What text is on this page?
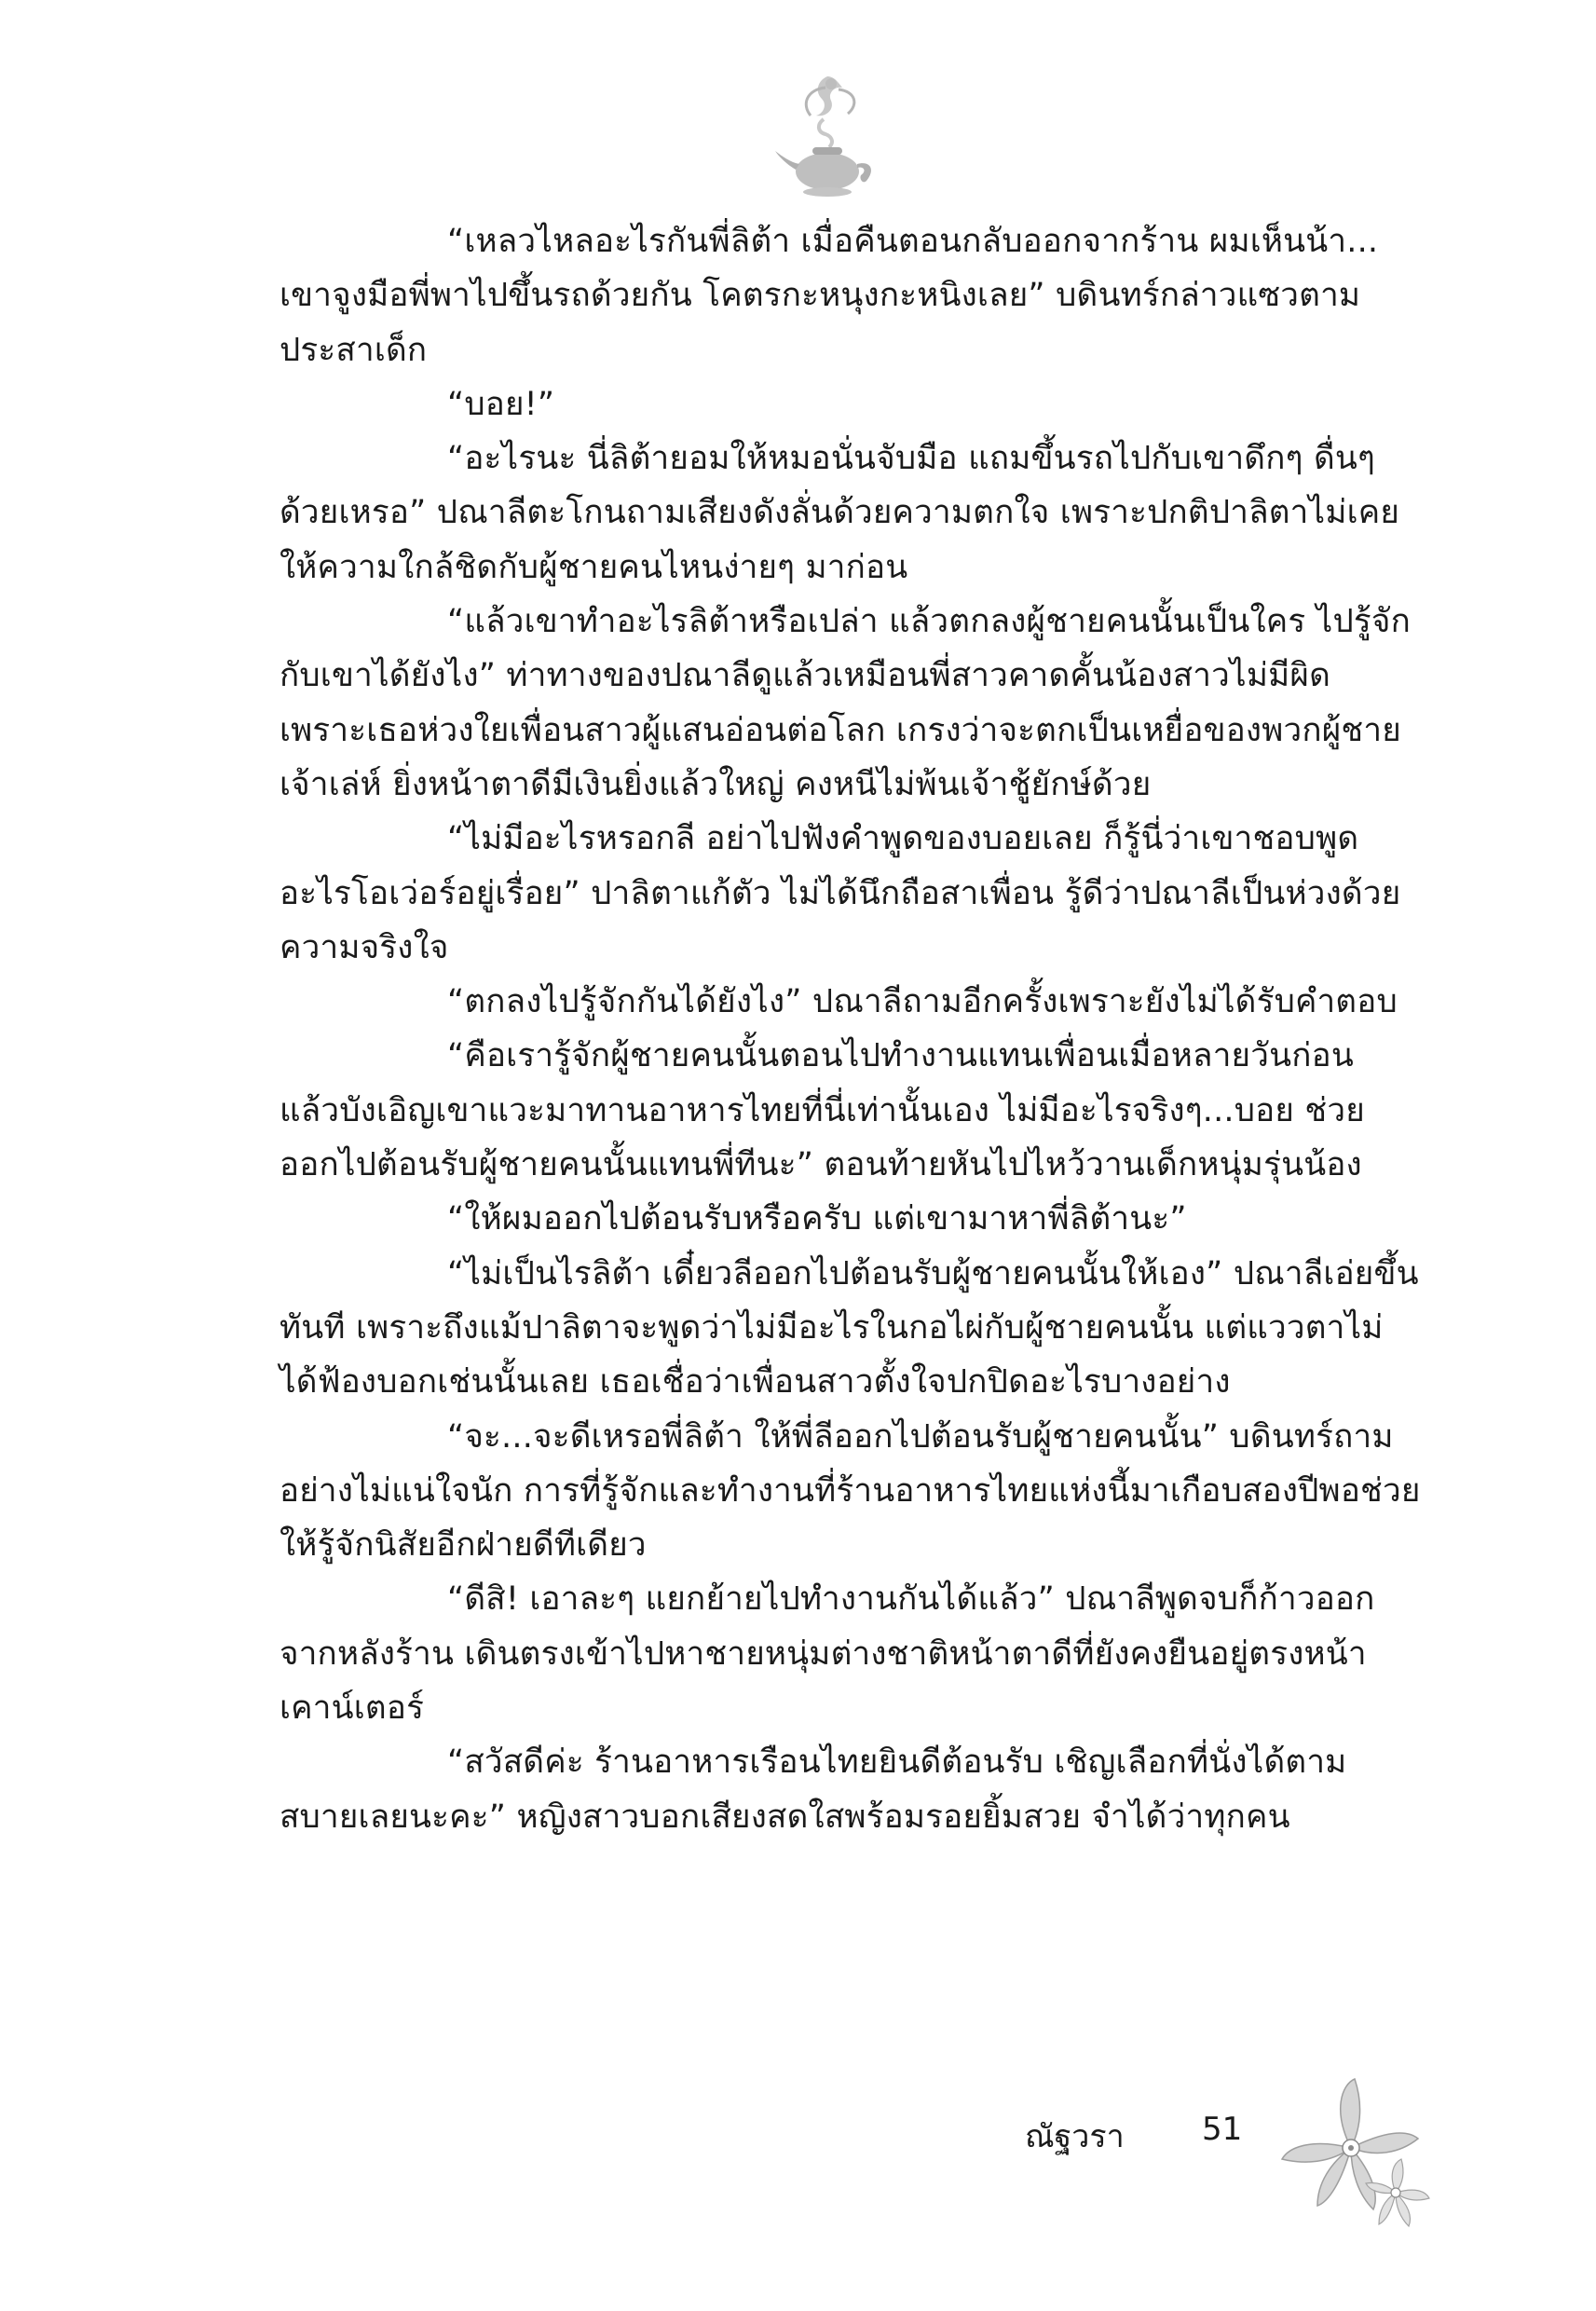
“เหลวไหลอะไรกันพี่ลิต้า เมื่อคืนตอนกลับออกจากร้าน ผมเห็นน้า... เขาจูงมือพี่พาไปขึ้นรถด้วยกัน โคตรกะหนุงกะหนิงเลย” บดินทร์กล่าวแซวตามประสาเด็ก

“บอย!”

“อะไรนะ นี่ลิต้ายอมให้หมอนั่นจับมือ แถมขึ้นรถไปกับเขาดึกๆ ดื่นๆ ด้วยเหรอ” ปณาลีตะโกนถามเสียงดังลั่นด้วยความตกใจ เพราะปกติปาลิตาไม่เคยให้ความใกล้ชิดกับผู้ชายคนไหนง่ายๆ มาก่อน

“แล้วเขาทำอะไรลิต้าหรือเปล่า แล้วตกลงผู้ชายคนนั้นเป็นใคร ไปรู้จักกับเขาได้ยังไง” ท่าทางของปณาลีดูแล้วเหมือนพี่สาวคาดคั้นน้องสาวไม่มีผิด เพราะเธอห่วงใยเพื่อนสาวผู้แสนอ่อนต่อโลก เกรงว่าจะตกเป็นเหยื่อของพวกผู้ชายเจ้าเล่ห์ ยิ่งหน้าตาดีมีเงินยิ่งแล้วใหญ่ คงหนีไม่พ้นเจ้าชู้ยักษ์ด้วย

“ไม่มีอะไรหรอกลี อย่าไปฟังคำพูดของบอยเลย ก็รู้นี่ว่าเขาชอบพูดอะไรโอเว่อร์อยู่เรื่อย” ปาลิตาแก้ตัว ไม่ได้นึกถือสาเพื่อน รู้ดีว่าปณาลีเป็นห่วงด้วยความจริงใจ

“ตกลงไปรู้จักกันได้ยังไง” ปณาลีถามอีกครั้งเพราะยังไม่ได้รับคำตอบ

“คือเรารู้จักผู้ชายคนนั้นตอนไปทำงานแทนเพื่อนเมื่อหลายวันก่อน แล้วบังเอิญเขาแวะมาทานอาหารไทยที่นี่เท่านั้นเอง ไม่มีอะไรจริงๆ...บอย ช่วยออกไปต้อนรับผู้ชายคนนั้นแทนพี่ทีนะ” ตอนท้ายหันไปไหว้วานเด็กหนุ่มรุ่นน้อง

“ให้ผมออกไปต้อนรับหรือครับ แต่เขามาหาพี่ลิต้านะ”

“ไม่เป็นไรลิต้า เดี๋ยวลีออกไปต้อนรับผู้ชายคนนั้นให้เอง” ปณาลีเอ่ยขึ้นทันที เพราะถึงแม้ปาลิตาจะพูดว่าไม่มีอะไรในกอไผ่กับผู้ชายคนนั้น แต่แววตาไม่ได้ฟ้องบอกเช่นนั้นเลย เธอเชื่อว่าเพื่อนสาวตั้งใจปกปิดอะไรบางอย่าง

“จะ...จะดีเหรอพี่ลิต้า ให้พี่ลีออกไปต้อนรับผู้ชายคนนั้น” บดินทร์ถามอย่างไม่แน่ใจนัก การที่รู้จักและทำงานที่ร้านอาหารไทยแห่งนี้มาเกือบสองปีพอช่วยให้รู้จักนิสัยอีกฝ่ายดีทีเดียว

“ดีสิ! เอาละๆ แยกย้ายไปทำงานกันได้แล้ว” ปณาลีพูดจบก็ก้าวออกจากหลังร้าน เดินตรงเข้าไปหาชายหนุ่มต่างชาติหน้าตาดีที่ยังคงยืนอยู่ตรงหน้าเคาน์เตอร์

“สวัสดีค่ะ ร้านอาหารเรือนไทยยินดีต้อนรับ เชิญเลือกที่นั่งได้ตามสบายเลยนะคะ” หญิงสาวบอกเสียงสดใสพร้อมรอยยิ้มสวย จำได้ว่าทุกคน

ณัฐวรา	51
